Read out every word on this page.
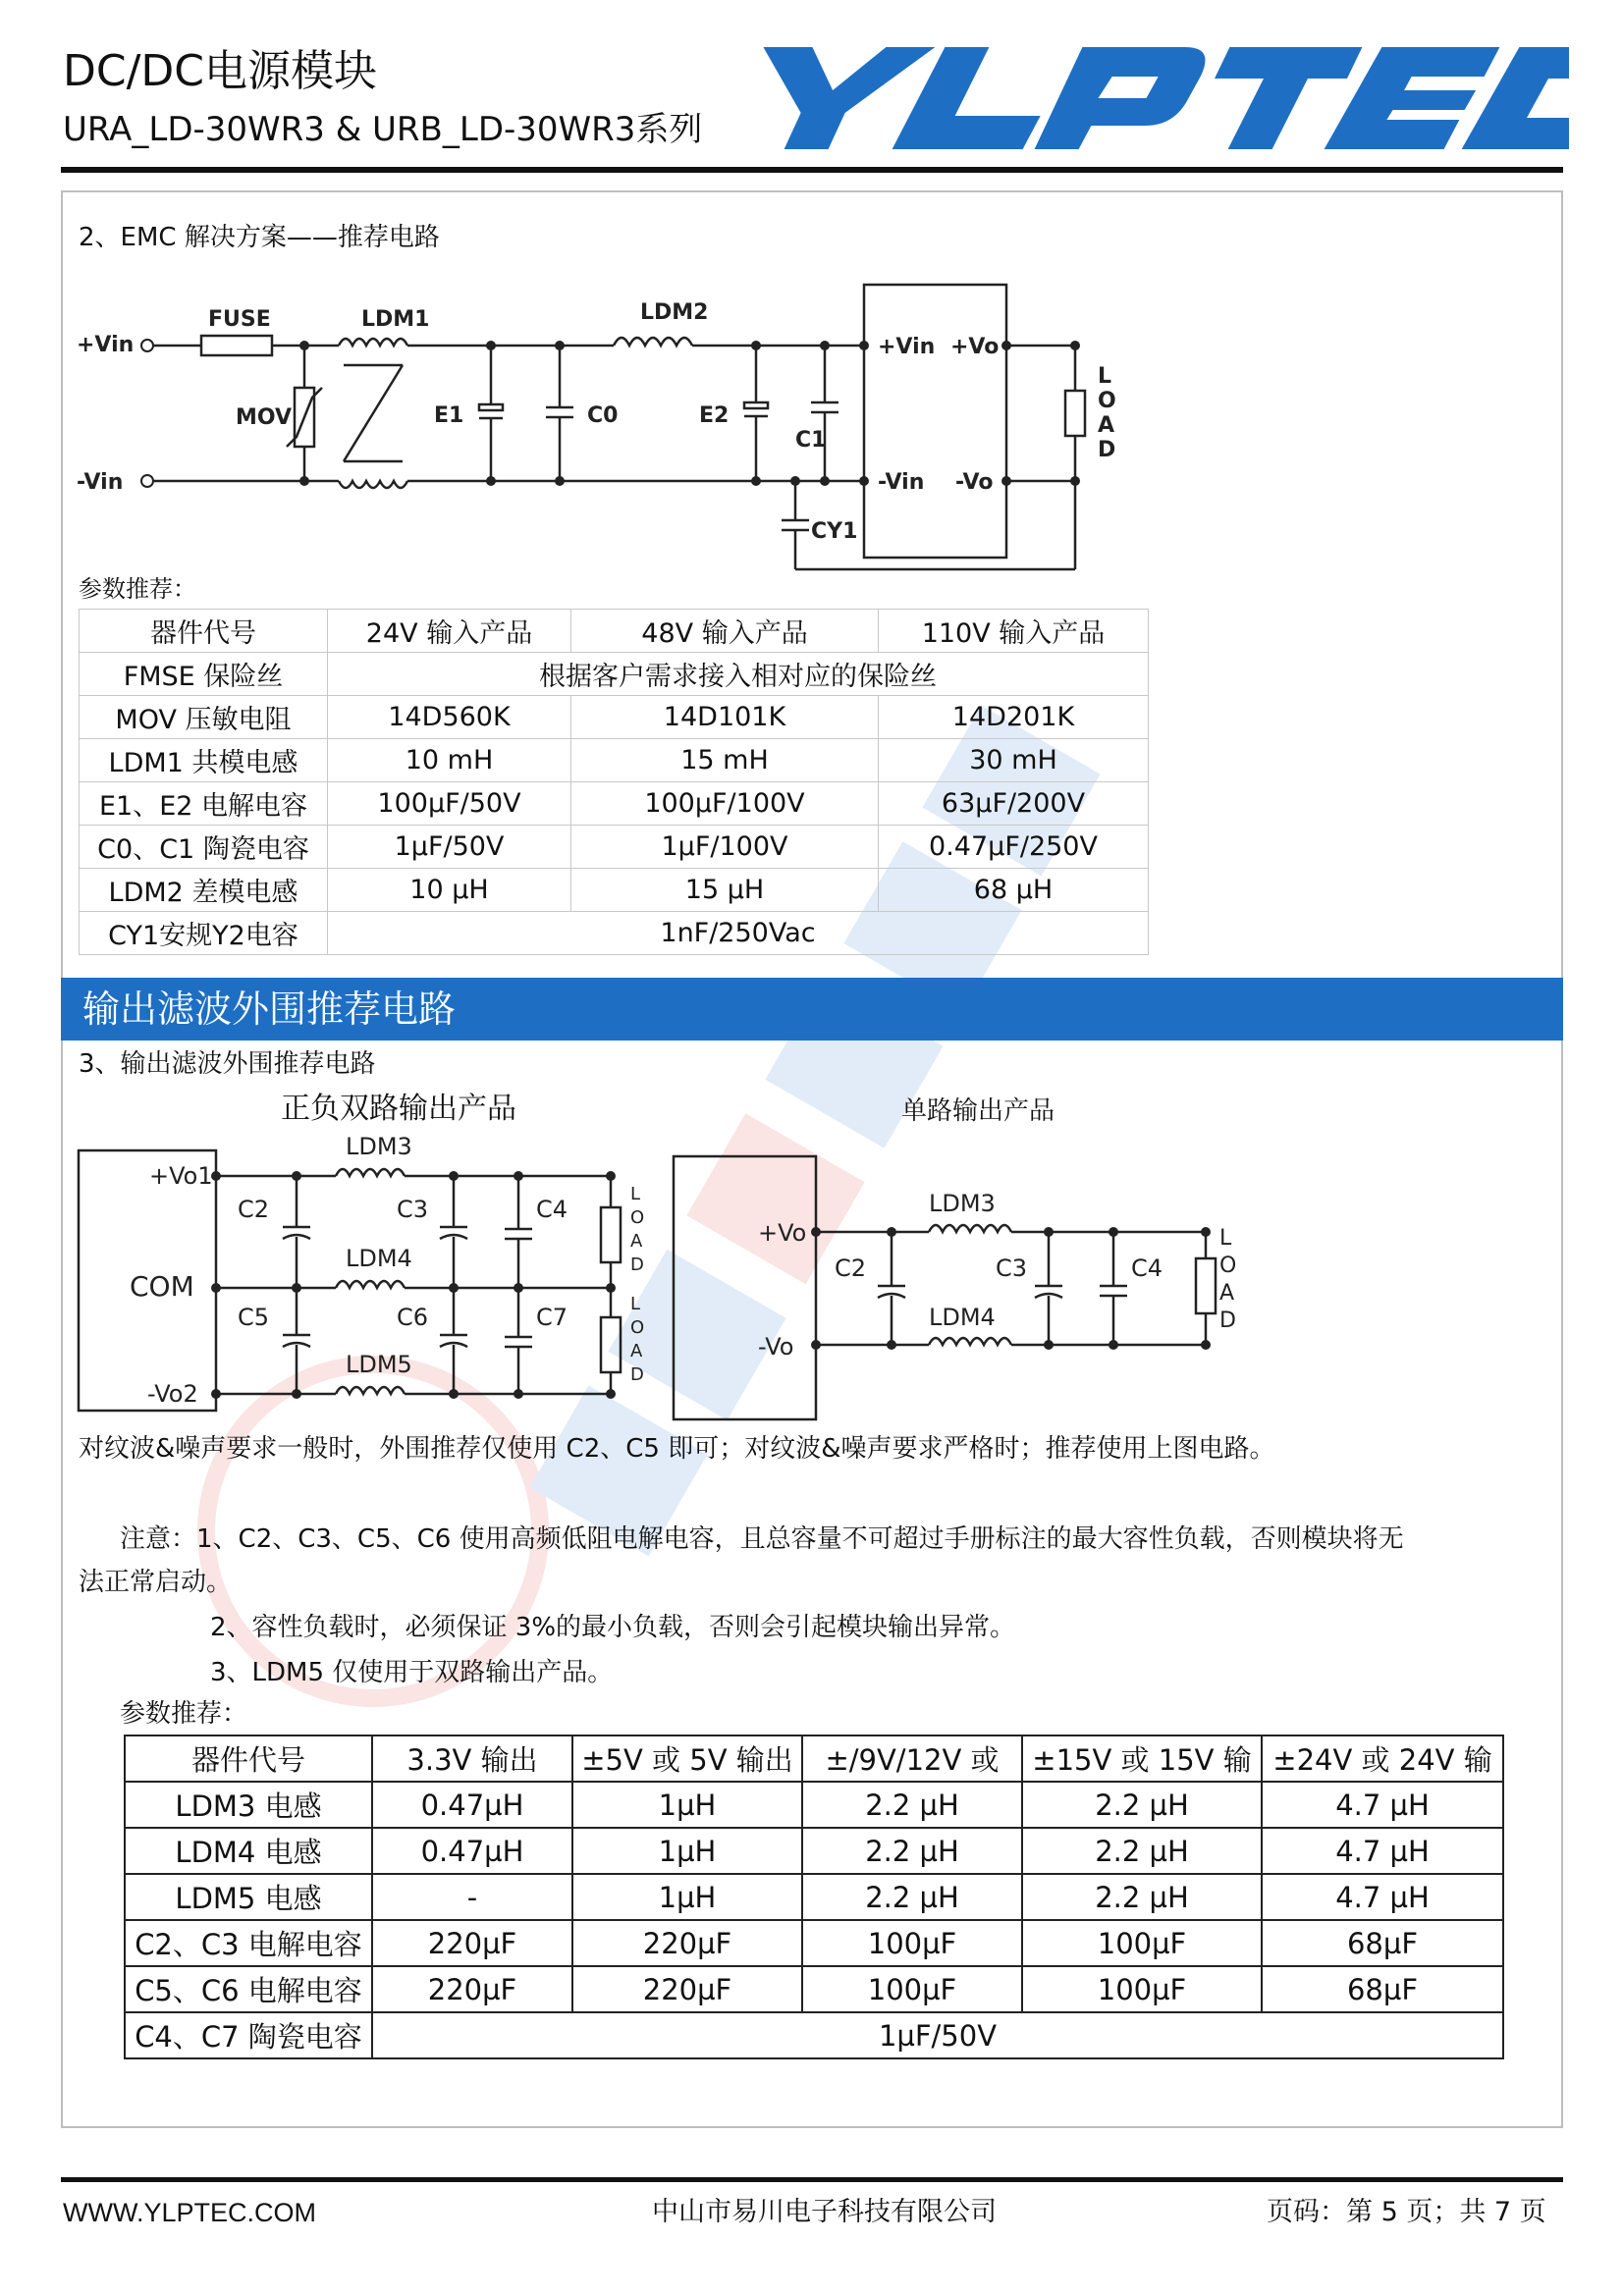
DC/DC电源模块
URA_LD-30WR3 & URB_LD-30WR3系列
2、EMC 解决方案——推荐电路
+Vin
-Vin
FUSE	LDM1	LDM2
MOV	E1	C0	E2
C1
CY1
+Vin +Vo
-Vin -Vo
L
O
A
D
参数推荐：
器件代号	24V 输入产品	48V 输入产品	110V 输入产品
FMSE 保险丝	根据客户需求接入相对应的保险丝		
MOV 压敏电阻	14D560K	14D101K	14D201K
LDM1 共模电感	10 mH	15 mH	30 mH
E1、E2 电解电容	100µF/50V	100µF/100V	63µF/200V
C0、C1 陶瓷电容	1µF/50V	1µF/100V	0.47µF/250V
LDM2 差模电感	10 µH	15 µH	68 µH
CY1安规Y2电容	1nF/250Vac		
输出滤波外围推荐电路
3、输出滤波外围推荐电路
正负双路输出产品	单路输出产品
+Vo1
COM
-Vo2
LDM3
LDM4
LDM5
C2	C3	C4
C5	C6	C7
L
O
A
D
L
O
A
D
+Vo
-Vo
LDM3
LDM4
C2	C3	C4
L
O
A
D
对纹波&噪声要求一般时，外围推荐仅使用 C2、C5 即可；对纹波&噪声要求严格时；推荐使用上图电路。
注意：1、C2、C3、C5、C6 使用高频低阻电解电容，且总容量不可超过手册标注的最大容性负载，否则模块将无
法正常启动。
2、容性负载时，必须保证 3%的最小负载，否则会引起模块输出异常。
3、LDM5 仅使用于双路输出产品。
参数推荐：
器件代号	3.3V 输出	±5V 或 5V 输出	±/9V/12V 或	±15V 或 15V 输	±24V 或 24V 输
LDM3 电感	0.47µH	1µH	2.2 µH	2.2 µH	4.7 µH
LDM4 电感	0.47µH	1µH	2.2 µH	2.2 µH	4.7 µH
LDM5 电感	-	1µH	2.2 µH	2.2 µH	4.7 µH
C2、C3 电解电容	220µF	220µF	100µF	100µF	68µF
C5、C6 电解电容	220µF	220µF	100µF	100µF	68µF
C4、C7 陶瓷电容	1µF/50V				
WWW.YLPTEC.COM	中山市易川电子科技有限公司	页码：第 5 页；共 7 页
